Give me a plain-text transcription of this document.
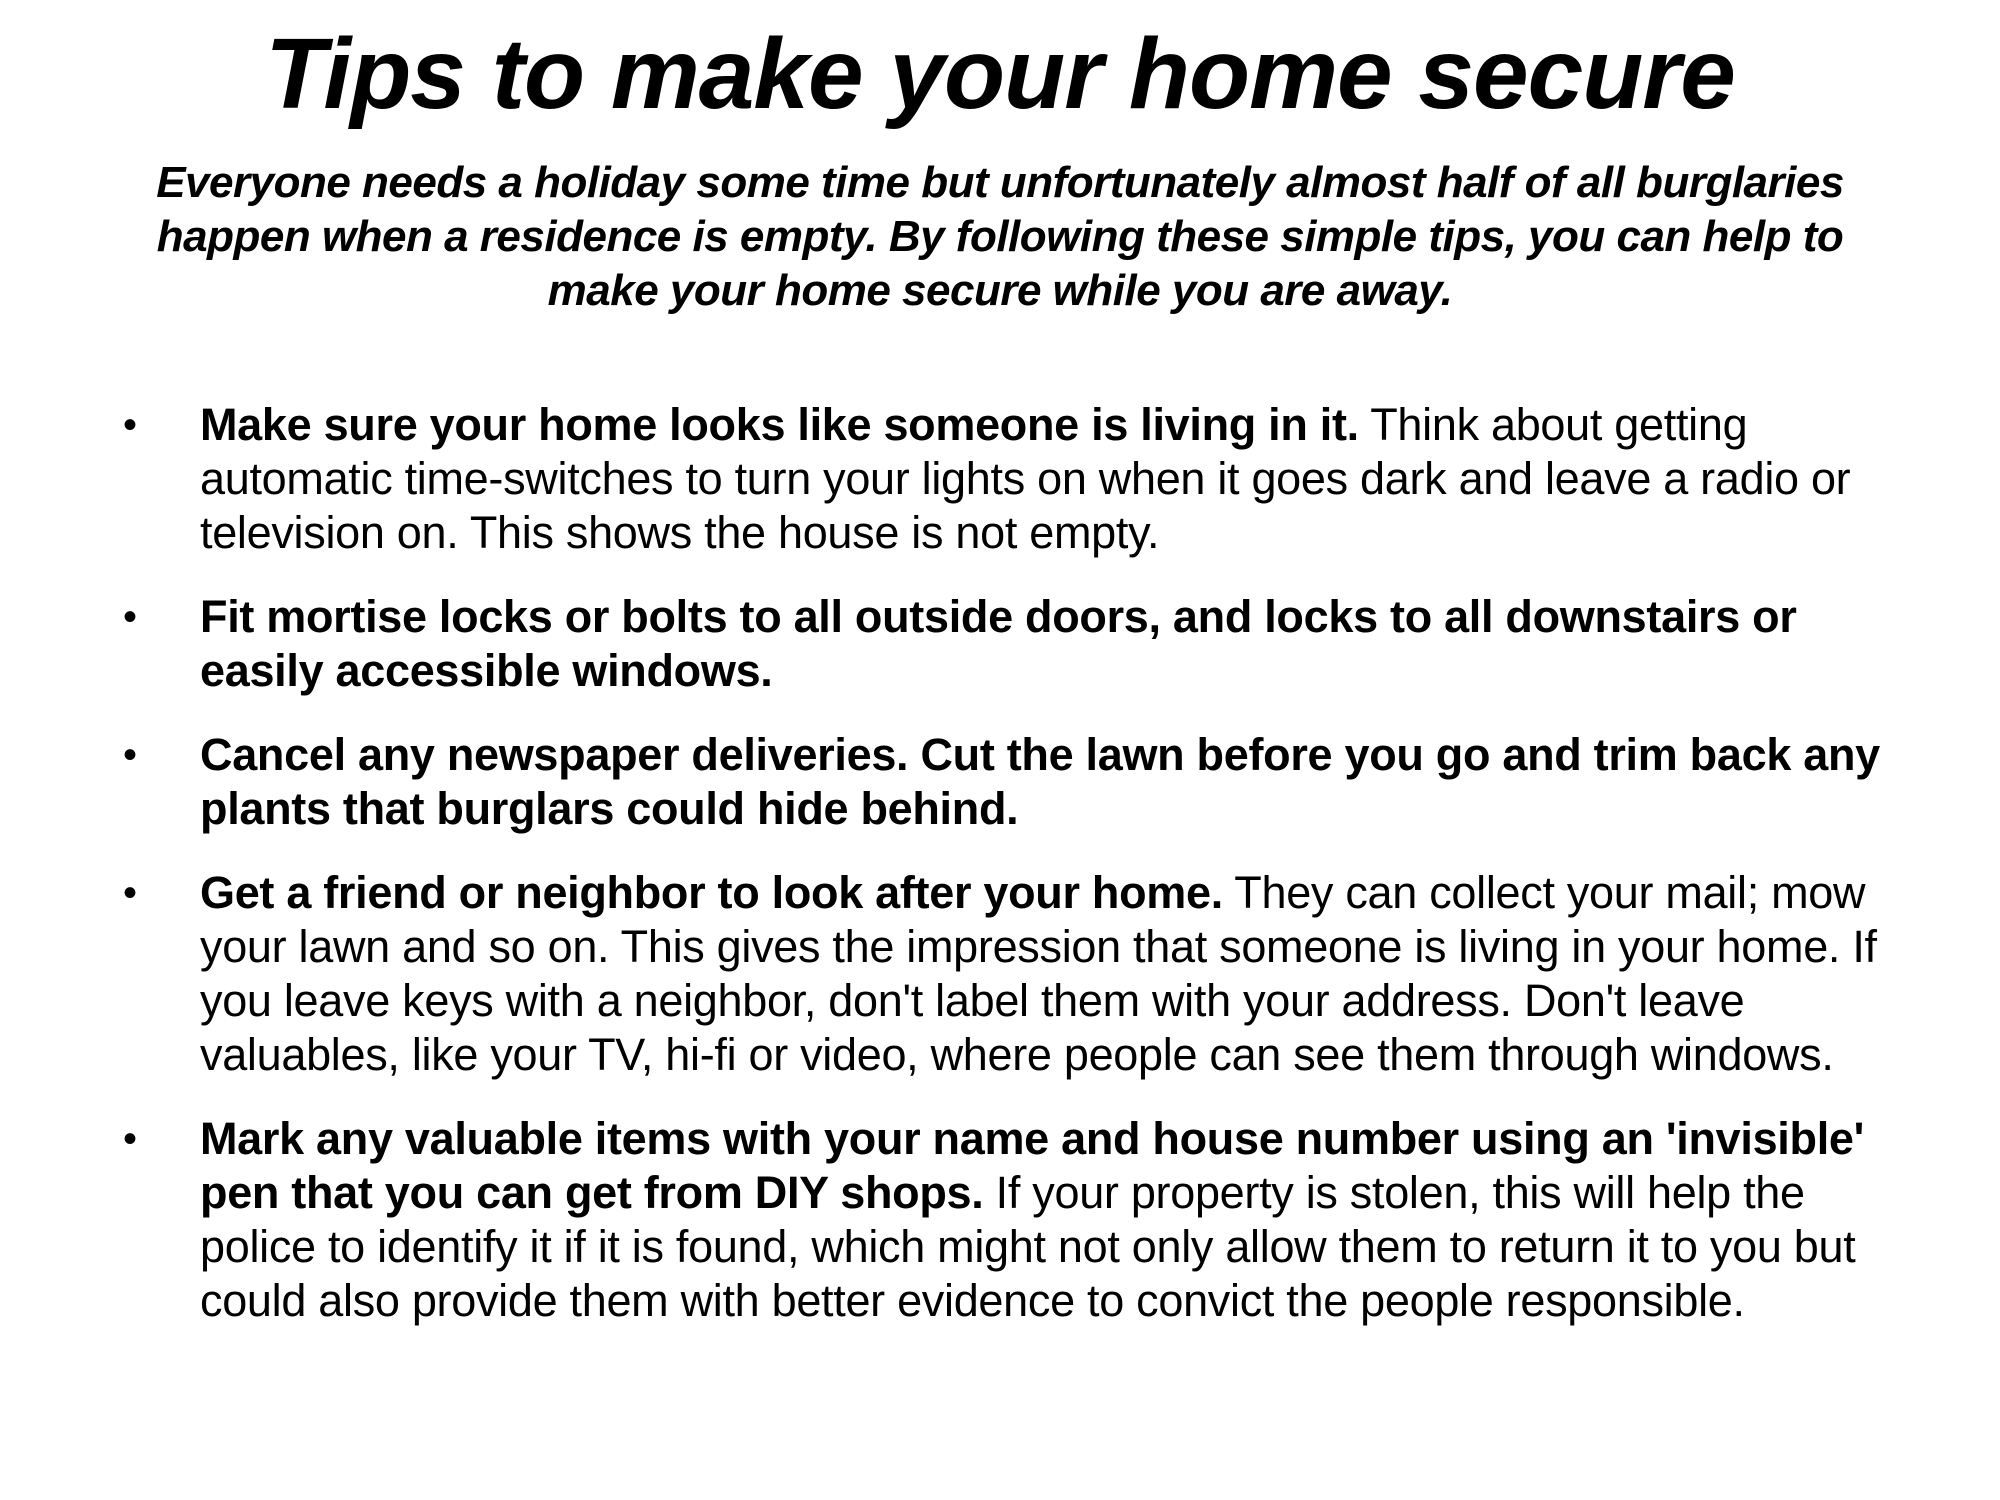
Tips to make your home secure

Everyone needs a holiday some time but unfortunately almost half of all burglaries happen when a residence is empty. By following these simple tips, you can help to make your home secure while you are away.

• Make sure your home looks like someone is living in it. Think about getting automatic time-switches to turn your lights on when it goes dark and leave a radio or television on. This shows the house is not empty.
• Fit mortise locks or bolts to all outside doors, and locks to all downstairs or easily accessible windows.
• Cancel any newspaper deliveries. Cut the lawn before you go and trim back any plants that burglars could hide behind.
• Get a friend or neighbor to look after your home. They can collect your mail; mow your lawn and so on. This gives the impression that someone is living in your home. If you leave keys with a neighbor, don't label them with your address. Don't leave valuables, like your TV, hi-fi or video, where people can see them through windows.
• Mark any valuable items with your name and house number using an 'invisible' pen that you can get from DIY shops. If your property is stolen, this will help the police to identify it if it is found, which might not only allow them to return it to you but could also provide them with better evidence to convict the people responsible.
